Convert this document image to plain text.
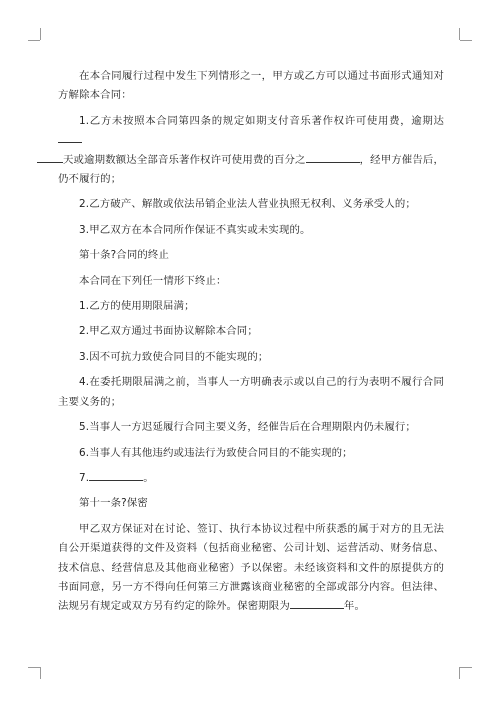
在本合同履行过程中发生下列情形之一，甲方或乙方可以通过书面形式通知对方解除本合同：

1.乙方未按照本合同第四条的规定如期支付音乐著作权许可使用费，逾期达
天或逾期数额达全部音乐著作权许可使用费的百分之	，经甲方催告后，仍不履行的；

2.乙方破产、解散或依法吊销企业法人营业执照无权利、义务承受人的；

3.甲乙双方在本合同所作保证不真实或未实现的。

第十条?合同的终止

本合同在下列任一情形下终止：

1.乙方的使用期限届满；

2.甲乙双方通过书面协议解除本合同；

3.因不可抗力致使合同目的不能实现的；

4.在委托期限届满之前，当事人一方明确表示或以自己的行为表明不履行合同主要义务的；

5.当事人一方迟延履行合同主要义务，经催告后在合理期限内仍未履行；

6.当事人有其他违约或违法行为致使合同目的不能实现的；

7.	。

第十一条?保密

甲乙双方保证对在讨论、签订、执行本协议过程中所获悉的属于对方的且无法自公开渠道获得的文件及资料（包括商业秘密、公司计划、运营活动、财务信息、技术信息、经营信息及其他商业秘密）予以保密。未经该资料和文件的原提供方的书面同意，另一方不得向任何第三方泄露该商业秘密的全部或部分内容。但法律、法规另有规定或双方另有约定的除外。保密期限为	年。
